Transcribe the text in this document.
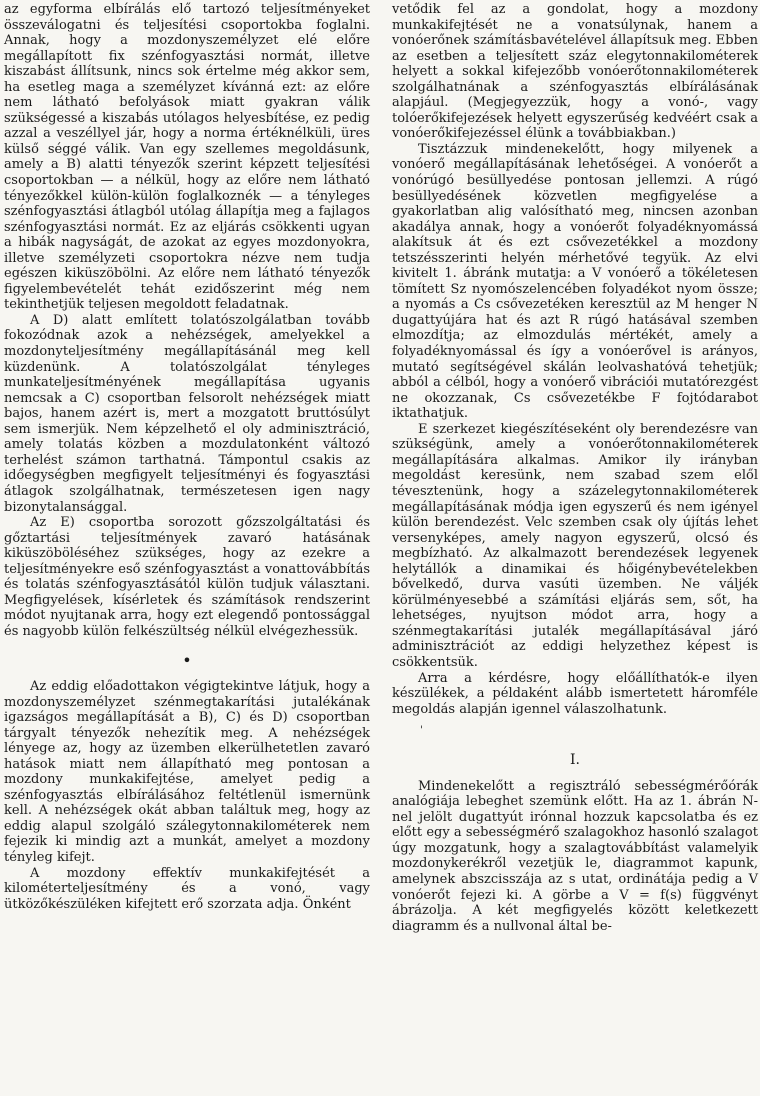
az egyforma elbírálás elő tartozó teljesítményeket összeválogatni és teljesítési csoportokba foglalni. Annak, hogy a mozdonyszemélyzet elé előre megállapított fix szénfogyasztási normát, illetve kiszabást állítsunk, nincs sok értelme még akkor sem, ha esetleg maga a személyzet kívánná ezt: az előre nem látható befolyások miatt gyakran válik szükségessé a kiszabás utólagos helyesbítése, ez pedig azzal a veszéllyel jár, hogy a norma értéknélküli, üres külső séggé válik. Van egy szellemes megoldásunk, amely a B) alatti tényezők szerint képzett teljesítési csoportokban — a nélkül, hogy az előre nem látható tényezőkkel külön-külön foglalkoznék — a tényleges szénfogyasztási átlagból utólag állapítja meg a fajlagos szénfogyasztási normát. Ez az eljárás csökkenti ugyan a hibák nagyságát, de azokat az egyes mozdonyokra, illetve személyzeti csoportokra nézve nem tudja egészen kiküszöbölni. Az előre nem látható tényezők figyelembevételét tehát ezidőszerint még nem tekinthetjük teljesen megoldott feladatnak.

A D) alatt említett tolatószolgálatban tovább fokozódnak azok a nehézségek, amelyekkel a mozdonyteljesítmény megállapításánál meg kell küzdenünk. A tolatószolgálat tényleges munkateljesítményének megállapítása ugyanis nemcsak a C) csoportban felsorolt nehézségek miatt bajos, hanem azért is, mert a mozgatott bruttósúlyt sem ismerjük. Nem képzelhető el oly adminisztráció, amely tolatás közben a mozdulatonként változó terhelést számon tarthatná. Támpontul csakis az időegységben megfigyelt teljesítményi és fogyasztási átlagok szolgálhatnak, természetesen igen nagy bizonytalansággal.

Az E) csoportba sorozott gőzszolgáltatási és gőztartási teljesítmények zavaró hatásának kiküszöböléséhez szükséges, hogy az ezekre a teljesítményekre eső szénfogyasztást a vonattovábbítás és tolatás szénfogyasztásától külön tudjuk választani. Megfigyelések, kísérletek és számítások rendszerint módot nyujtanak arra, hogy ezt elegendő pontossággal és nagyobb külön felkészültség nélkül elvégezhessük.

•

Az eddig előadottakon végigtekintve látjuk, hogy a mozdonyszemélyzet szénmegtakarítási jutalékának igazságos megállapítását a B), C) és D) csoportban tárgyalt tényezők nehezítik meg. A nehézségek lényege az, hogy az üzemben elkerülhetetlen zavaró hatások miatt nem állapítható meg pontosan a mozdony munkakifejtése, amelyet pedig a szénfogyasztás elbírálásához feltétlenül ismernünk kell. A nehézségek okát abban találtuk meg, hogy az eddig alapul szolgáló szálegytonnakilométerek nem fejezik ki mindig azt a munkát, amelyet a mozdony tényleg kifejt.

A mozdony effektív munkakifejtését a kilométerteljesítmény és a vonó, vagy ütközőkészüléken kifejtett erő szorzata adja. Önként

vetődik fel az a gondolat, hogy a mozdony munkakifejtését ne a vonatsúlynak, hanem a vonóerőnek számításbavételével állapítsuk meg. Ebben az esetben a teljesített száz elegytonnakilométerek helyett a sokkal kifejezőbb vonóerőtonnakilométerek szolgálhatnának a szénfogyasztás elbírálásának alapjául. (Megjegyezzük, hogy a vonó-, vagy tolóerőkifejezések helyett egyszerűség kedvéért csak a vonóerőkifejezéssel élünk a továbbiakban.)

Tisztázzuk mindenekelőtt, hogy milyenek a vonóerő megállapításának lehetőségei. A vonóerőt a vonórúgó besüllyedése pontosan jellemzi. A rúgó besüllyedésének közvetlen megfigyelése a gyakorlatban alig valósítható meg, nincsen azonban akadálya annak, hogy a vonóerőt folyadéknyomássá alakítsuk át és ezt csővezetékkel a mozdony tetszésszerinti helyén mérhetővé tegyük. Az elvi kivitelt 1. ábránk mutatja: a V vonóerő a tökéletesen tömített Sz nyomószelencében folyadékot nyom össze; a nyomás a Cs csővezetéken keresztül az M henger N dugattyújára hat és azt R rúgó hatásával szemben elmozdítja; az elmozdulás mértékét, amely a folyadéknyomással és így a vonóerővel is arányos, mutató segítségével skálán leolvashatóvá tehetjük; abból a célból, hogy a vonóerő vibrációi mutatórezgést ne okozzanak, Cs csővezetékbe F fojtódarabot iktathatjuk.

E szerkezet kiegészítéseként oly berendezésre van szükségünk, amely a vonóerőtonnakilométerek megállapítására alkalmas. Amikor ily irányban megoldást keresünk, nem szabad szem elől tévesztenünk, hogy a százelegytonnakilométerek megállapításának módja igen egyszerű és nem igényel külön berendezést. Velc szemben csak oly újítás lehet versenyképes, amely nagyon egyszerű, olcsó és megbízható. Az alkalmazott berendezések legyenek helytállók a dinamikai és hőigénybevételekben bővelkedő, durva vasúti üzemben. Ne váljék körülményesebbé a számítási eljárás sem, sőt, ha lehetséges, nyujtson módot arra, hogy a szénmegtakarítási jutalék megállapításával járó adminisztrációt az eddigi helyzethez képest is csökkentsük.

Arra a kérdésre, hogy előállíthatók-e ilyen készülékek, a példaként alább ismertetett háromféle megoldás alapján igennel válaszolhatunk.

'
I.

Mindenekelőtt a regisztráló sebességmérőórák analógiája lebeghet szemünk előtt. Ha az 1. ábrán N-nel jelölt dugattyút irónnal hozzuk kapcsolatba és ez előtt egy a sebességmérő szalagokhoz hasonló szalagot úgy mozgatunk, hogy a szalagtovábbítást valamelyik mozdonykerékről vezetjük le, diagrammot kapunk, amelynek abszcisszája az s utat, ordinátája pedig a V vonóerőt fejezi ki. A görbe a V = f(s) függvényt ábrázolja. A két megfigyelés között keletkezett diagramm és a nullvonal által be-
